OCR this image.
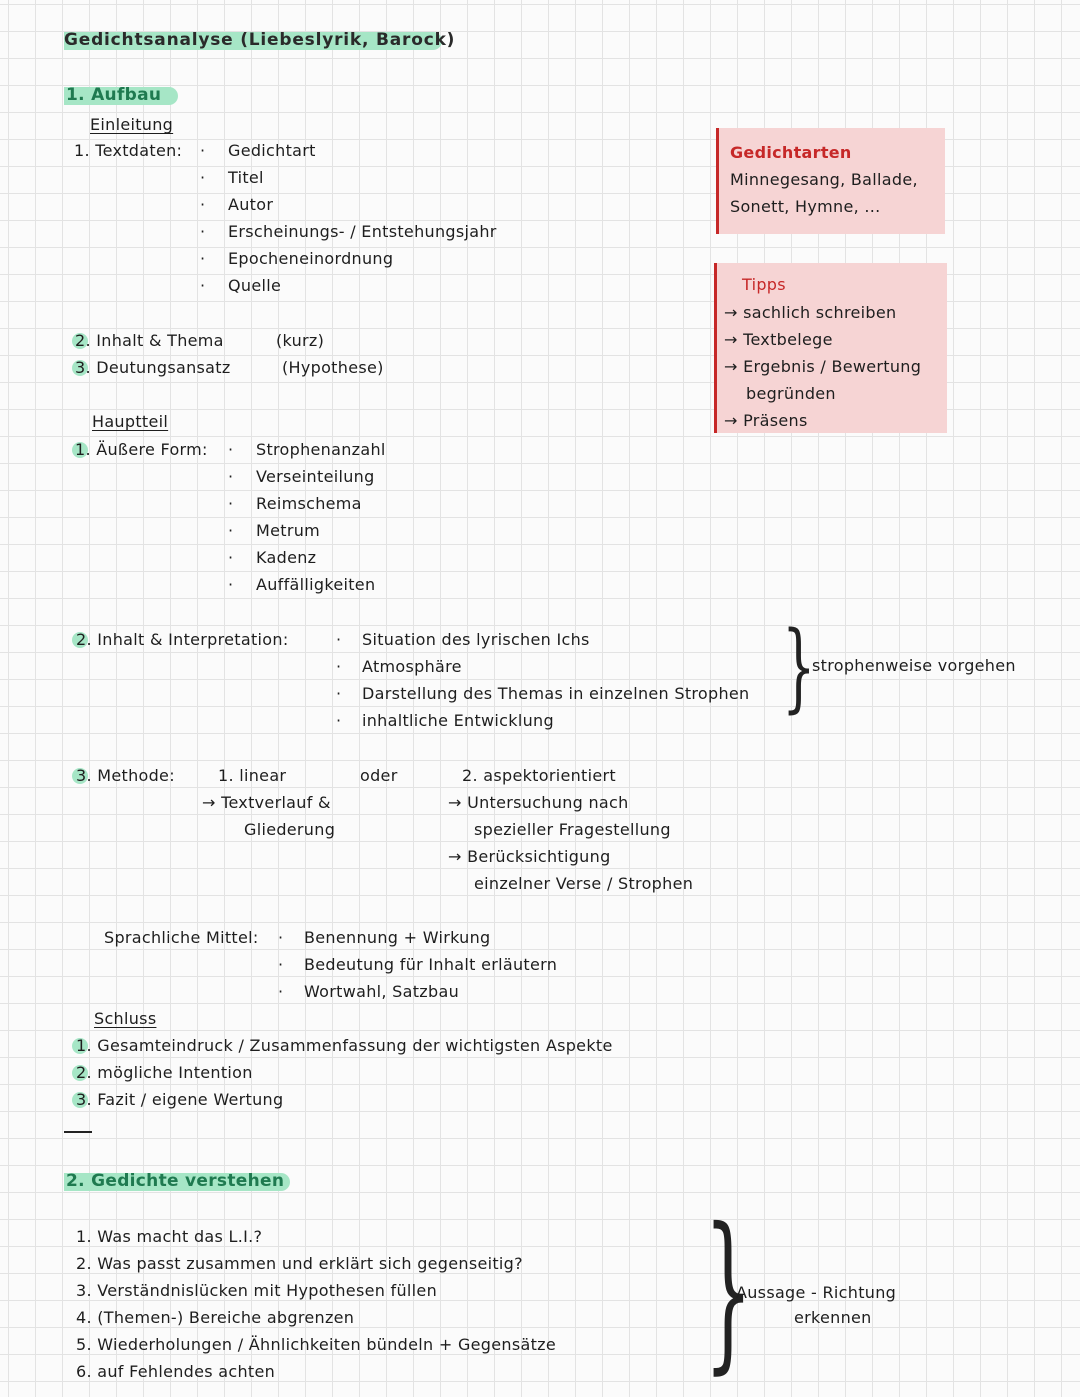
Gedichtsanalyse (Liebeslyrik, Barock)
1. Aufbau
Einleitung
1. Textdaten: · Gedichtart
· Titel
· Autor
· Erscheinungs- / Entstehungsjahr
· Epocheneinordnung
· Quelle
2. Inhalt & Thema	(kurz)
3. Deutungsansatz	(Hypothese)
Gedichtarten
Minnegesang, Ballade,
Sonett, Hymne, ...
Tipps
→ sachlich schreiben
→ Textbelege
→ Ergebnis / Bewertung
begründen
→ Präsens
Hauptteil
1. Äußere Form: · Strophenanzahl
· Verseinteilung
· Reimschema
· Metrum
· Kadenz
· Auffälligkeiten
2. Inhalt & Interpretation:	· Situation des lyrischen Ichs
· Atmosphäre
· Darstellung des Themas in einzelnen Strophen
· inhaltliche Entwicklung }
strophenweise vorgehen
3. Methode:	1. linear	oder	2. aspektorientiert
→ Textverlauf &
Gliederung
→ Untersuchung nach
spezieller Fragestellung
→ Berücksichtigung
einzelner Verse / Strophen
Sprachliche Mittel: · Benennung + Wirkung
· Bedeutung für Inhalt erläutern
· Wortwahl, Satzbau
Schluss
1. Gesamteindruck / Zusammenfassung der wichtigsten Aspekte
2. mögliche Intention
3. Fazit / eigene Wertung
2. Gedichte verstehen
1. Was macht das L.I.?
2. Was passt zusammen und erklärt sich gegenseitig?
3. Verständnislücken mit Hypothesen füllen
4. (Themen-) Bereiche abgrenzen
5. Wiederholungen / Ähnlichkeiten bündeln + Gegensätze
6. auf Fehlendes achten	}
Aussage - Richtung
erkennen
